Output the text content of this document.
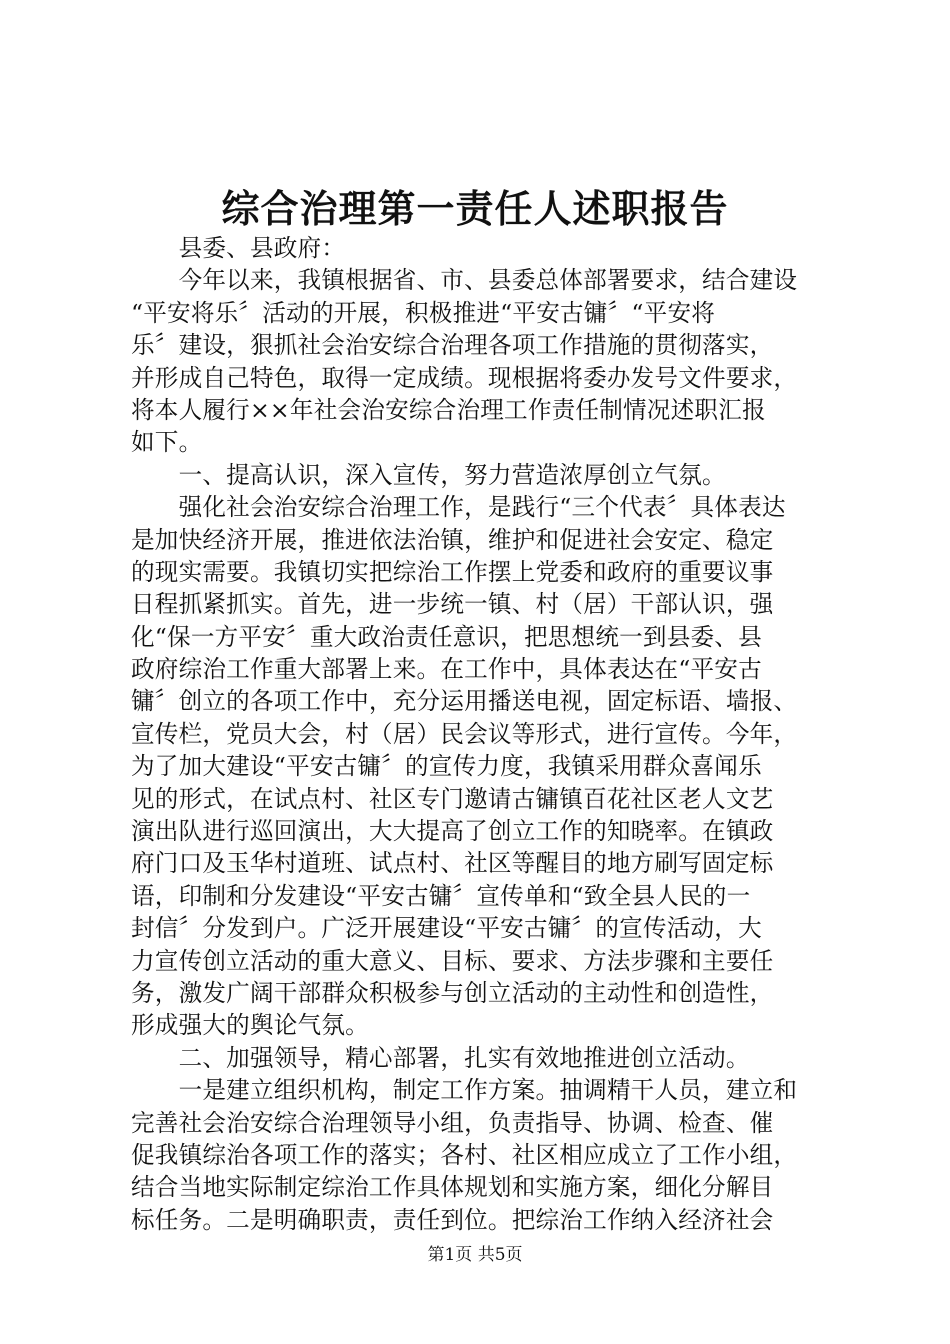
综合治理第一责任人述职报告
　　县委、县政府：
　　今年以来，我镇根据省、市、县委总体部署要求，结合建设
“平安将乐〞活动的开展，积极推进“平安古镛〞“平安将
乐〞建设，狠抓社会治安综合治理各项工作措施的贯彻落实，
并形成自己特色，取得一定成绩。现根据将委办发号文件要求，
将本人履行××年社会治安综合治理工作责任制情况述职汇报
如下。
　　一、提高认识，深入宣传，努力营造浓厚创立气氛。
　　强化社会治安综合治理工作，是践行“三个代表〞具体表达
是加快经济开展，推进依法治镇，维护和促进社会安定、稳定
的现实需要。我镇切实把综治工作摆上党委和政府的重要议事
日程抓紧抓实。首先，进一步统一镇、村（居）干部认识，强
化“保一方平安〞重大政治责任意识，把思想统一到县委、县
政府综治工作重大部署上来。在工作中，具体表达在“平安古
镛〞创立的各项工作中，充分运用播送电视，固定标语、墙报、
宣传栏，党员大会，村（居）民会议等形式，进行宣传。今年，
为了加大建设“平安古镛〞的宣传力度，我镇采用群众喜闻乐
见的形式，在试点村、社区专门邀请古镛镇百花社区老人文艺
演出队进行巡回演出，大大提高了创立工作的知晓率。在镇政
府门口及玉华村道班、试点村、社区等醒目的地方刷写固定标
语，印制和分发建设“平安古镛〞宣传单和“致全县人民的一
封信〞分发到户。广泛开展建设“平安古镛〞的宣传活动，大
力宣传创立活动的重大意义、目标、要求、方法步骤和主要任
务，激发广阔干部群众积极参与创立活动的主动性和创造性，
形成强大的舆论气氛。
　　二、加强领导，精心部署，扎实有效地推进创立活动。
　　一是建立组织机构，制定工作方案。抽调精干人员，建立和
完善社会治安综合治理领导小组，负责指导、协调、检查、催
促我镇综治各项工作的落实；各村、社区相应成立了工作小组，
结合当地实际制定综治工作具体规划和实施方案，细化分解目
标任务。二是明确职责，责任到位。把综治工作纳入经济社会
第1页 共5页
